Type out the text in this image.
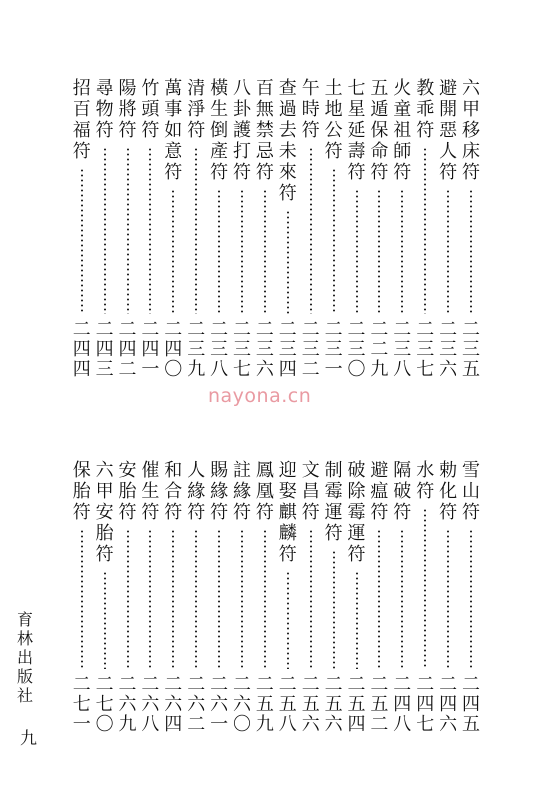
六
甲
移
床
符
二
三
五
避
開
惡
人
符
二
三
六
教
乖
符
二
三
七
火
童
祖
師
符
二
三
八
五
遁
保
命
符
二
二
九
七
星
延
壽
符
二
三
〇
土
地
公
符
二
三
一
午
時
符
二
三
二
查
過
去
未
來
符
二
三
四
百
無
禁
忌
符
二
三
六
八
卦
護
打
符
二
三
七
橫
生
倒
產
符
二
三
八
清
淨
符
二
三
九
萬
事
如
意
符
二
四
〇
竹
頭
符
二
四
一
陽
將
符
二
四
二
尋
物
符
二
四
三
招
百
福
符
二
四
四
雪
山
符
二
四
五
勅
化
符
二
四
六
水
符
二
四
七
隔
破
符
二
四
八
避
瘟
符
二
五
二
破
除
霉
運
符
二
五
四
制
霉
運
符
二
五
六
文
昌
符
二
五
六
迎
娶
麒
麟
符
二
五
八
鳳
凰
符
二
五
九
註
緣
符
二
六
〇
賜
緣
符
二
六
一
人
緣
符
二
六
二
和
合
符
二
六
四
催
生
符
二
六
八
安
胎
符
二
六
九
六
甲
安
胎
符
二
七
〇
保
胎
符
二
七
一
育
林
出
版
社
九
nayona.cn
